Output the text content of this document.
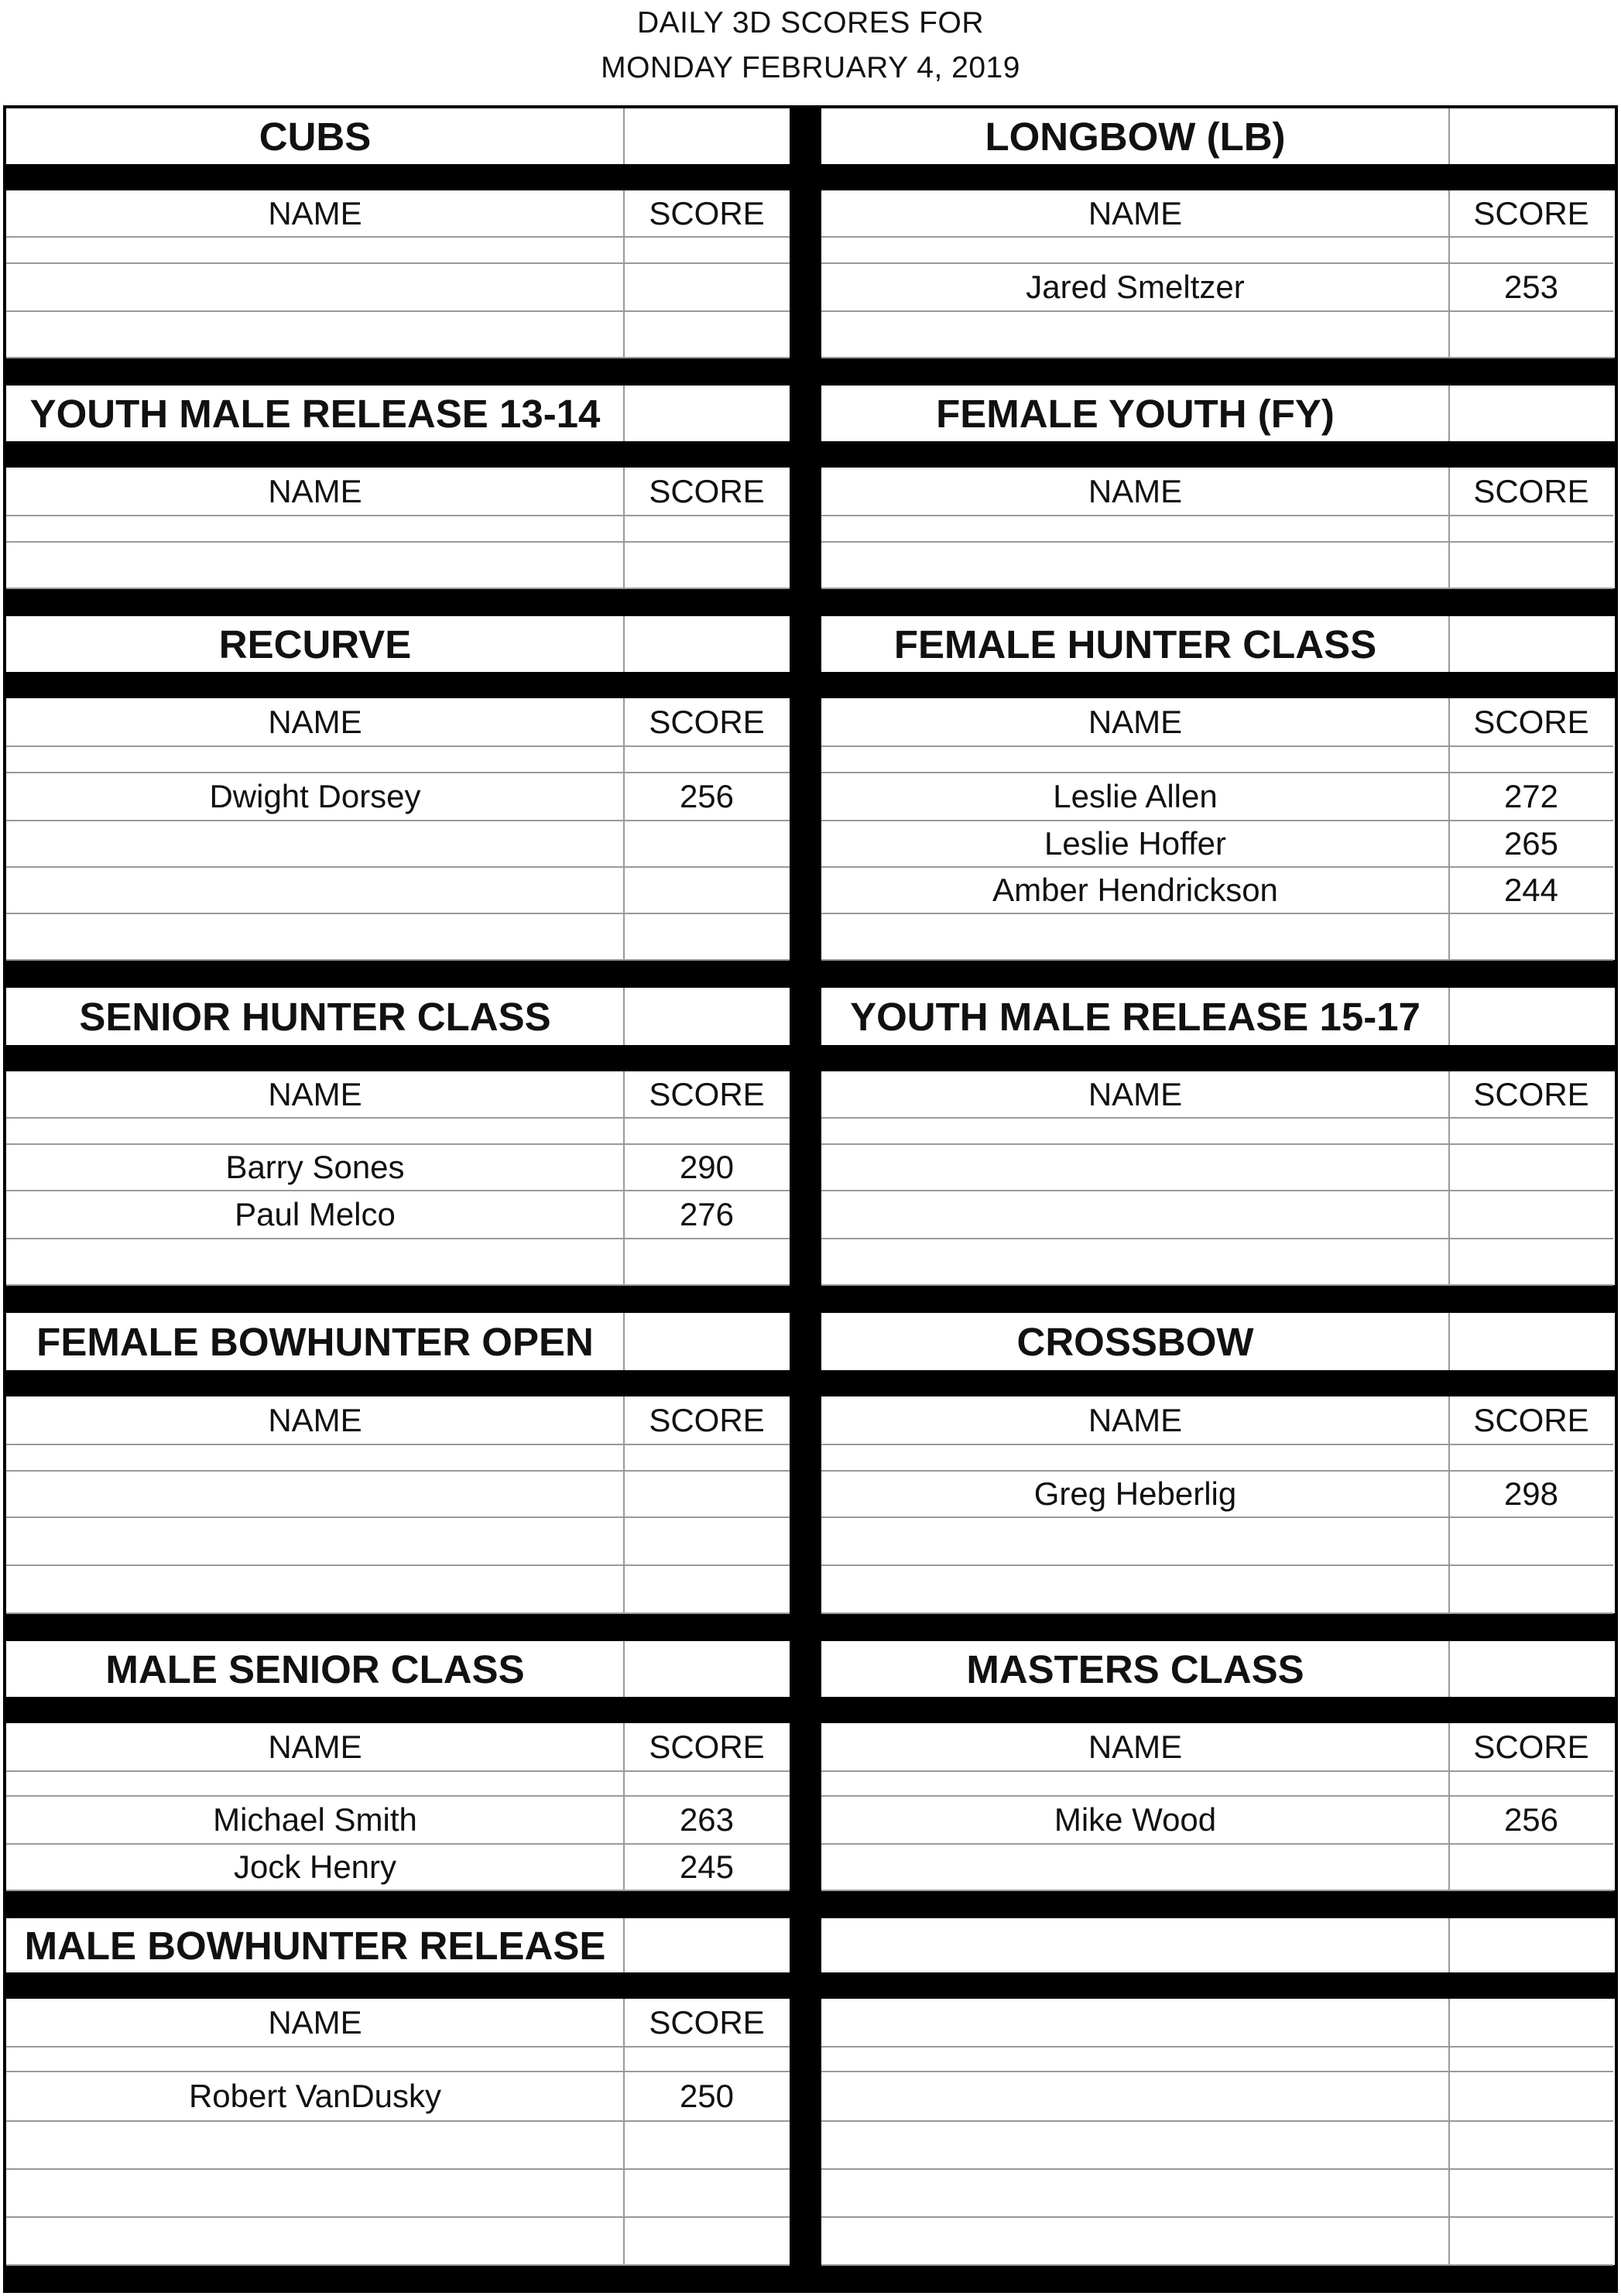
DAILY 3D SCORES FOR
MONDAY FEBRUARY 4, 2019
CUBS
NAME	SCORE
YOUTH MALE RELEASE 13-14
NAME	SCORE
RECURVE
NAME	SCORE
Dwight Dorsey	256
SENIOR HUNTER CLASS
NAME	SCORE
Barry Sones	290
Paul Melco	276
FEMALE BOWHUNTER OPEN
NAME	SCORE
MALE SENIOR CLASS
NAME	SCORE
Michael Smith	263
Jock Henry	245
MALE BOWHUNTER RELEASE
NAME	SCORE
Robert VanDusky	250
LONGBOW (LB)
NAME	SCORE
Jared Smeltzer	253
FEMALE YOUTH (FY)
NAME	SCORE
FEMALE HUNTER CLASS
NAME	SCORE
Leslie Allen	272
Leslie Hoffer	265
Amber Hendrickson	244
YOUTH MALE RELEASE 15-17
NAME	SCORE
CROSSBOW
NAME	SCORE
Greg Heberlig	298
MASTERS CLASS
NAME	SCORE
Mike Wood	256
